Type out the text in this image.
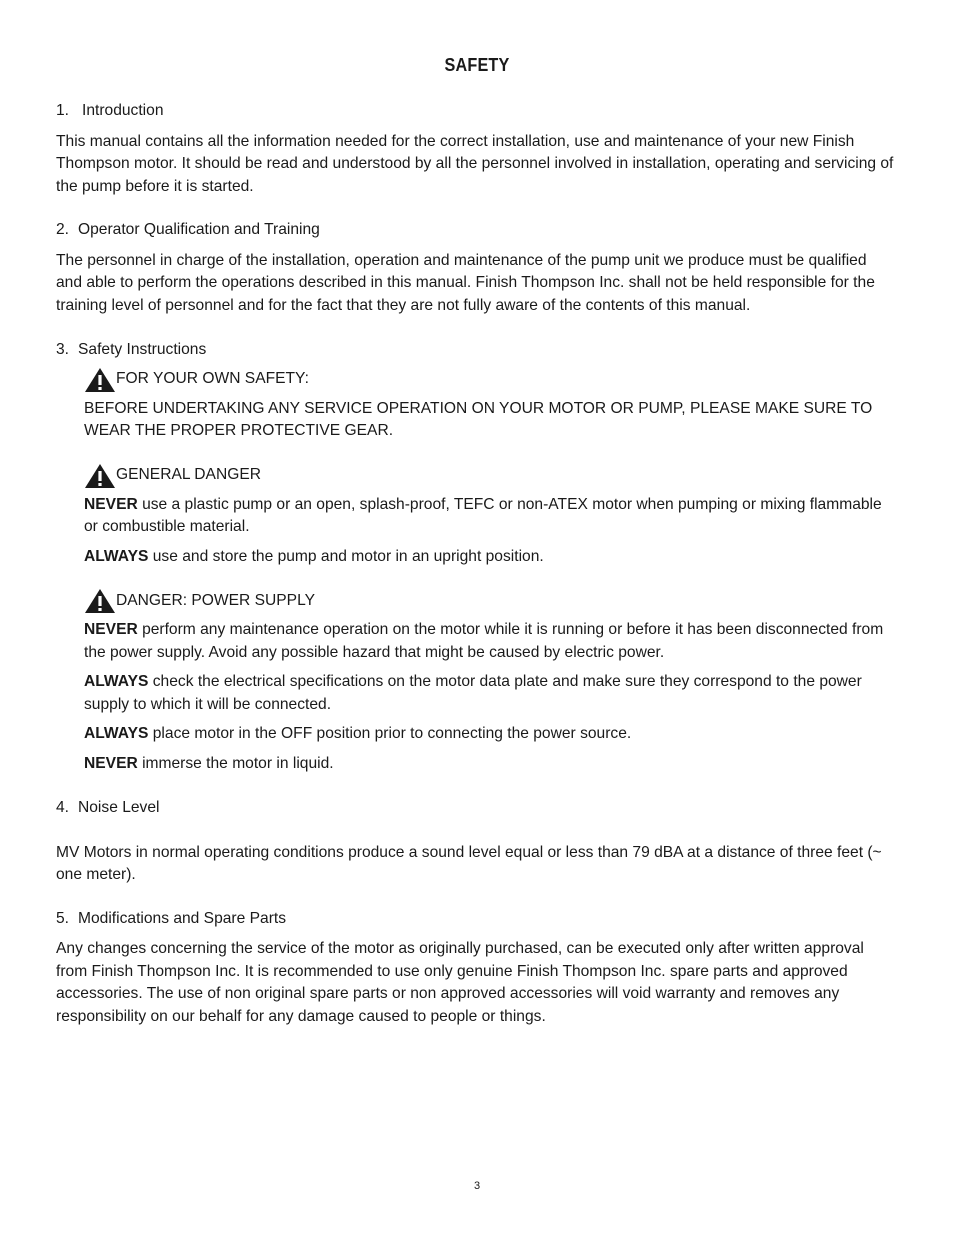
SAFETY
1. Introduction

This manual contains all the information needed for the correct installation, use and maintenance of your new Finish Thompson motor. It should be read and understood by all the personnel involved in installation, operating and servicing of the pump before it is started.

2. Operator Qualification and Training

The personnel in charge of the installation, operation and maintenance of the pump unit we produce must be qualified and able to perform the operations described in this manual. Finish Thompson Inc. shall not be held responsible for the training level of personnel and for the fact that they are not fully aware of the contents of this manual.

3. Safety Instructions
FOR YOUR OWN SAFETY:

BEFORE UNDERTAKING ANY SERVICE OPERATION ON YOUR MOTOR OR PUMP, PLEASE MAKE SURE TO WEAR THE PROPER PROTECTIVE GEAR.

GENERAL DANGER

NEVER use a plastic pump or an open, splash-proof, TEFC or non-ATEX motor when pumping or mixing flammable or combustible material.

ALWAYS use and store the pump and motor in an upright position.

DANGER: POWER SUPPLY

NEVER perform any maintenance operation on the motor while it is running or before it has been disconnected from the power supply. Avoid any possible hazard that might be caused by electric power.

ALWAYS check the electrical specifications on the motor data plate and make sure they correspond to the power supply to which it will be connected.

ALWAYS place motor in the OFF position prior to connecting the power source.

NEVER immerse the motor in liquid.

4. Noise Level

MV Motors in normal operating conditions produce a sound level equal or less than 79 dBA at a distance of three feet (~ one meter).

5. Modifications and Spare Parts

Any changes concerning the service of the motor as originally purchased, can be executed only after written approval from Finish Thompson Inc. It is recommended to use only genuine Finish Thompson Inc. spare parts and approved accessories. The use of non original spare parts or non approved accessories will void warranty and removes any responsibility on our behalf for any damage caused to people or things.

3
